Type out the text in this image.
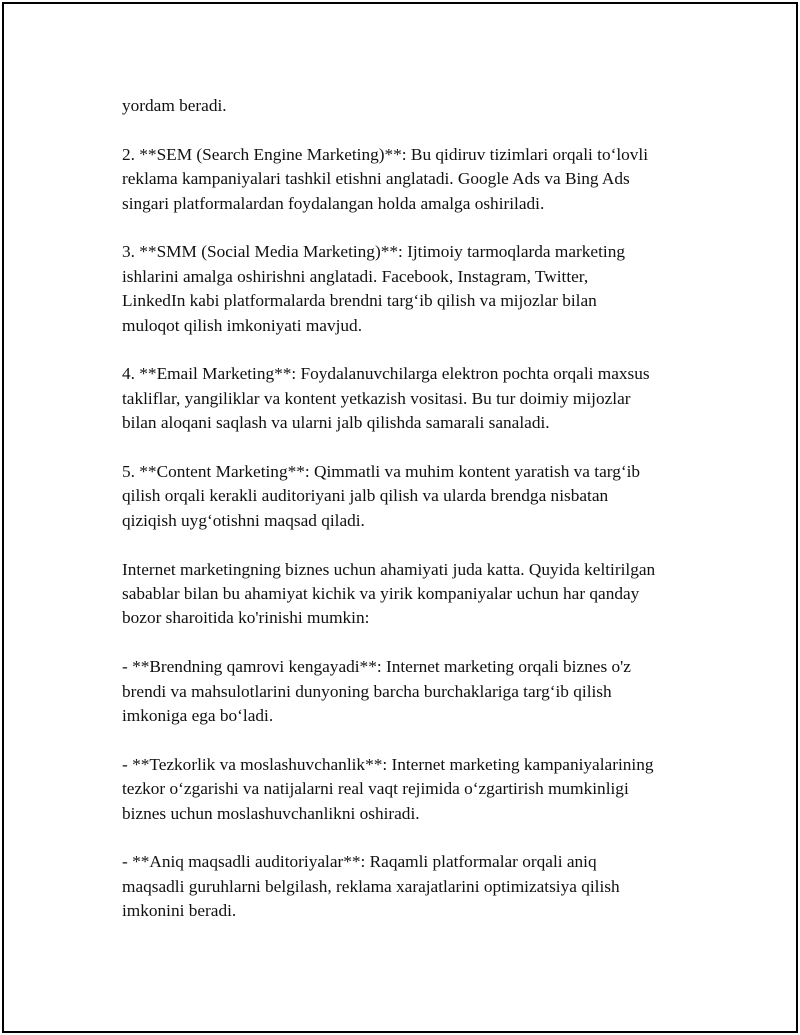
yordam beradi.

2. **SEM (Search Engine Marketing)**: Bu qidiruv tizimlari orqali to‘lovli
reklama kampaniyalari tashkil etishni anglatadi. Google Ads va Bing Ads
singari platformalardan foydalangan holda amalga oshiriladi.

3. **SMM (Social Media Marketing)**: Ijtimoiy tarmoqlarda marketing
ishlarini amalga oshirishni anglatadi. Facebook, Instagram, Twitter,
LinkedIn kabi platformalarda brendni targ‘ib qilish va mijozlar bilan
muloqot qilish imkoniyati mavjud.

4. **Email Marketing**: Foydalanuvchilarga elektron pochta orqali maxsus
takliflar, yangiliklar va kontent yetkazish vositasi. Bu tur doimiy mijozlar
bilan aloqani saqlash va ularni jalb qilishda samarali sanaladi.

5. **Content Marketing**: Qimmatli va muhim kontent yaratish va targ‘ib
qilish orqali kerakli auditoriyani jalb qilish va ularda brendga nisbatan
qiziqish uyg‘otishni maqsad qiladi.

Internet marketingning biznes uchun ahamiyati juda katta. Quyida keltirilgan
sabablar bilan bu ahamiyat kichik va yirik kompaniyalar uchun har qanday
bozor sharoitida ko'rinishi mumkin:

- **Brendning qamrovi kengayadi**: Internet marketing orqali biznes o'z
brendi va mahsulotlarini dunyoning barcha burchaklariga targ‘ib qilish
imkoniga ega bo‘ladi.

- **Tezkorlik va moslashuvchanlik**: Internet marketing kampaniyalarining
tezkor o‘zgarishi va natijalarni real vaqt rejimida o‘zgartirish mumkinligi
biznes uchun moslashuvchanlikni oshiradi.

- **Aniq maqsadli auditoriyalar**: Raqamli platformalar orqali aniq
maqsadli guruhlarni belgilash, reklama xarajatlarini optimizatsiya qilish
imkonini beradi.
